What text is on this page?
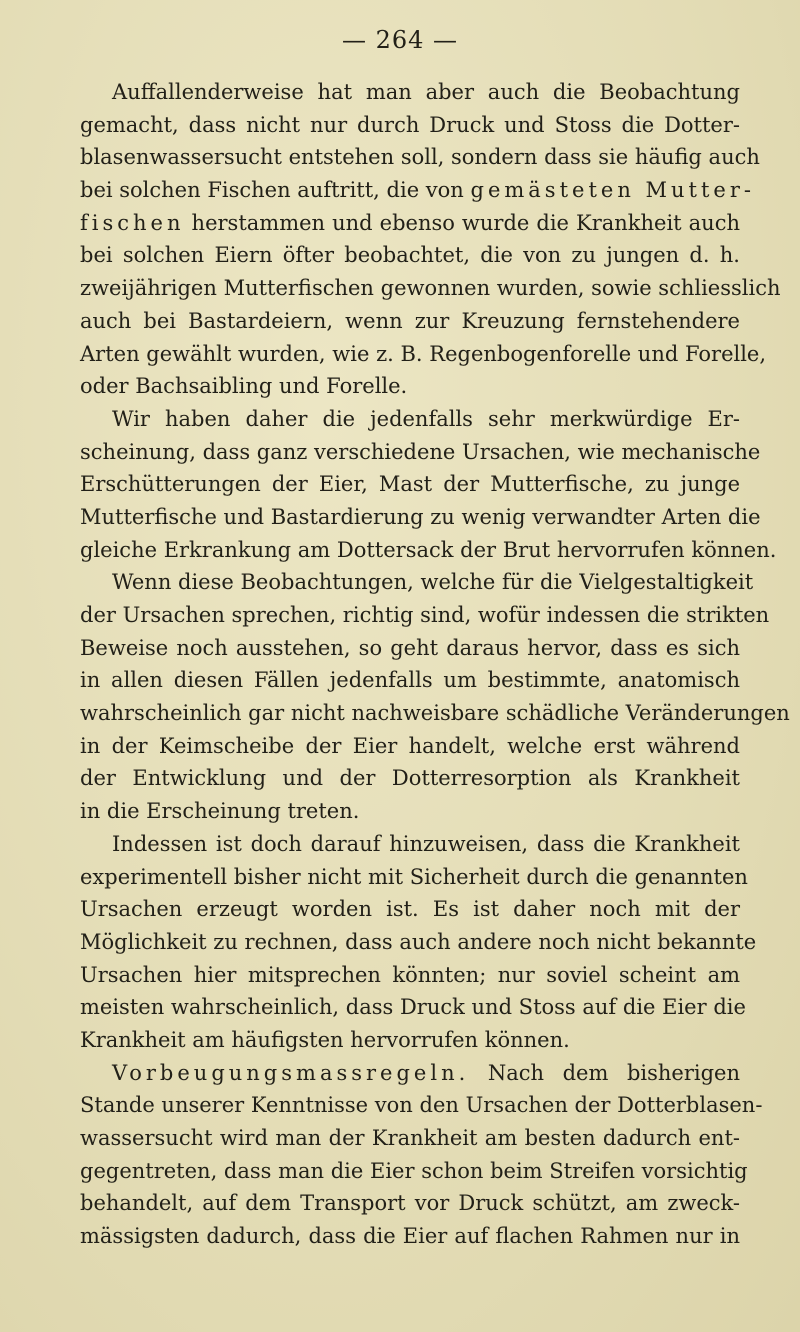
— 264 —
Auffallenderweise hat man aber auch die Beobachtung
gemacht, dass nicht nur durch Druck und Stoss die Dotter-
blasenwassersucht entstehen soll, sondern dass sie häufig auch
bei solchen Fischen auftritt, die von gemästeten Mutter-
fischen herstammen und ebenso wurde die Krankheit auch
bei solchen Eiern öfter beobachtet, die von zu jungen d. h.
zweijährigen Mutterfischen gewonnen wurden, sowie schliesslich
auch bei Bastardeiern, wenn zur Kreuzung fernstehendere
Arten gewählt wurden, wie z. B. Regenbogenforelle und Forelle,
oder Bachsaibling und Forelle.
Wir haben daher die jedenfalls sehr merkwürdige Er-
scheinung, dass ganz verschiedene Ursachen, wie mechanische
Erschütterungen der Eier, Mast der Mutterfische, zu junge
Mutterfische und Bastardierung zu wenig verwandter Arten die
gleiche Erkrankung am Dottersack der Brut hervorrufen können.
Wenn diese Beobachtungen, welche für die Vielgestaltigkeit
der Ursachen sprechen, richtig sind, wofür indessen die strikten
Beweise noch ausstehen, so geht daraus hervor, dass es sich
in allen diesen Fällen jedenfalls um bestimmte, anatomisch
wahrscheinlich gar nicht nachweisbare schädliche Veränderungen
in der Keimscheibe der Eier handelt, welche erst während
der Entwicklung und der Dotterresorption als Krankheit
in die Erscheinung treten.
Indessen ist doch darauf hinzuweisen, dass die Krankheit
experimentell bisher nicht mit Sicherheit durch die genannten
Ursachen erzeugt worden ist. Es ist daher noch mit der
Möglichkeit zu rechnen, dass auch andere noch nicht bekannte
Ursachen hier mitsprechen könnten; nur soviel scheint am
meisten wahrscheinlich, dass Druck und Stoss auf die Eier die
Krankheit am häufigsten hervorrufen können.
Vorbeugungsmassregeln. Nach dem bisherigen
Stande unserer Kenntnisse von den Ursachen der Dotterblasen-
wassersucht wird man der Krankheit am besten dadurch ent-
gegentreten, dass man die Eier schon beim Streifen vorsichtig
behandelt, auf dem Transport vor Druck schützt, am zweck-
mässigsten dadurch, dass die Eier auf flachen Rahmen nur in
